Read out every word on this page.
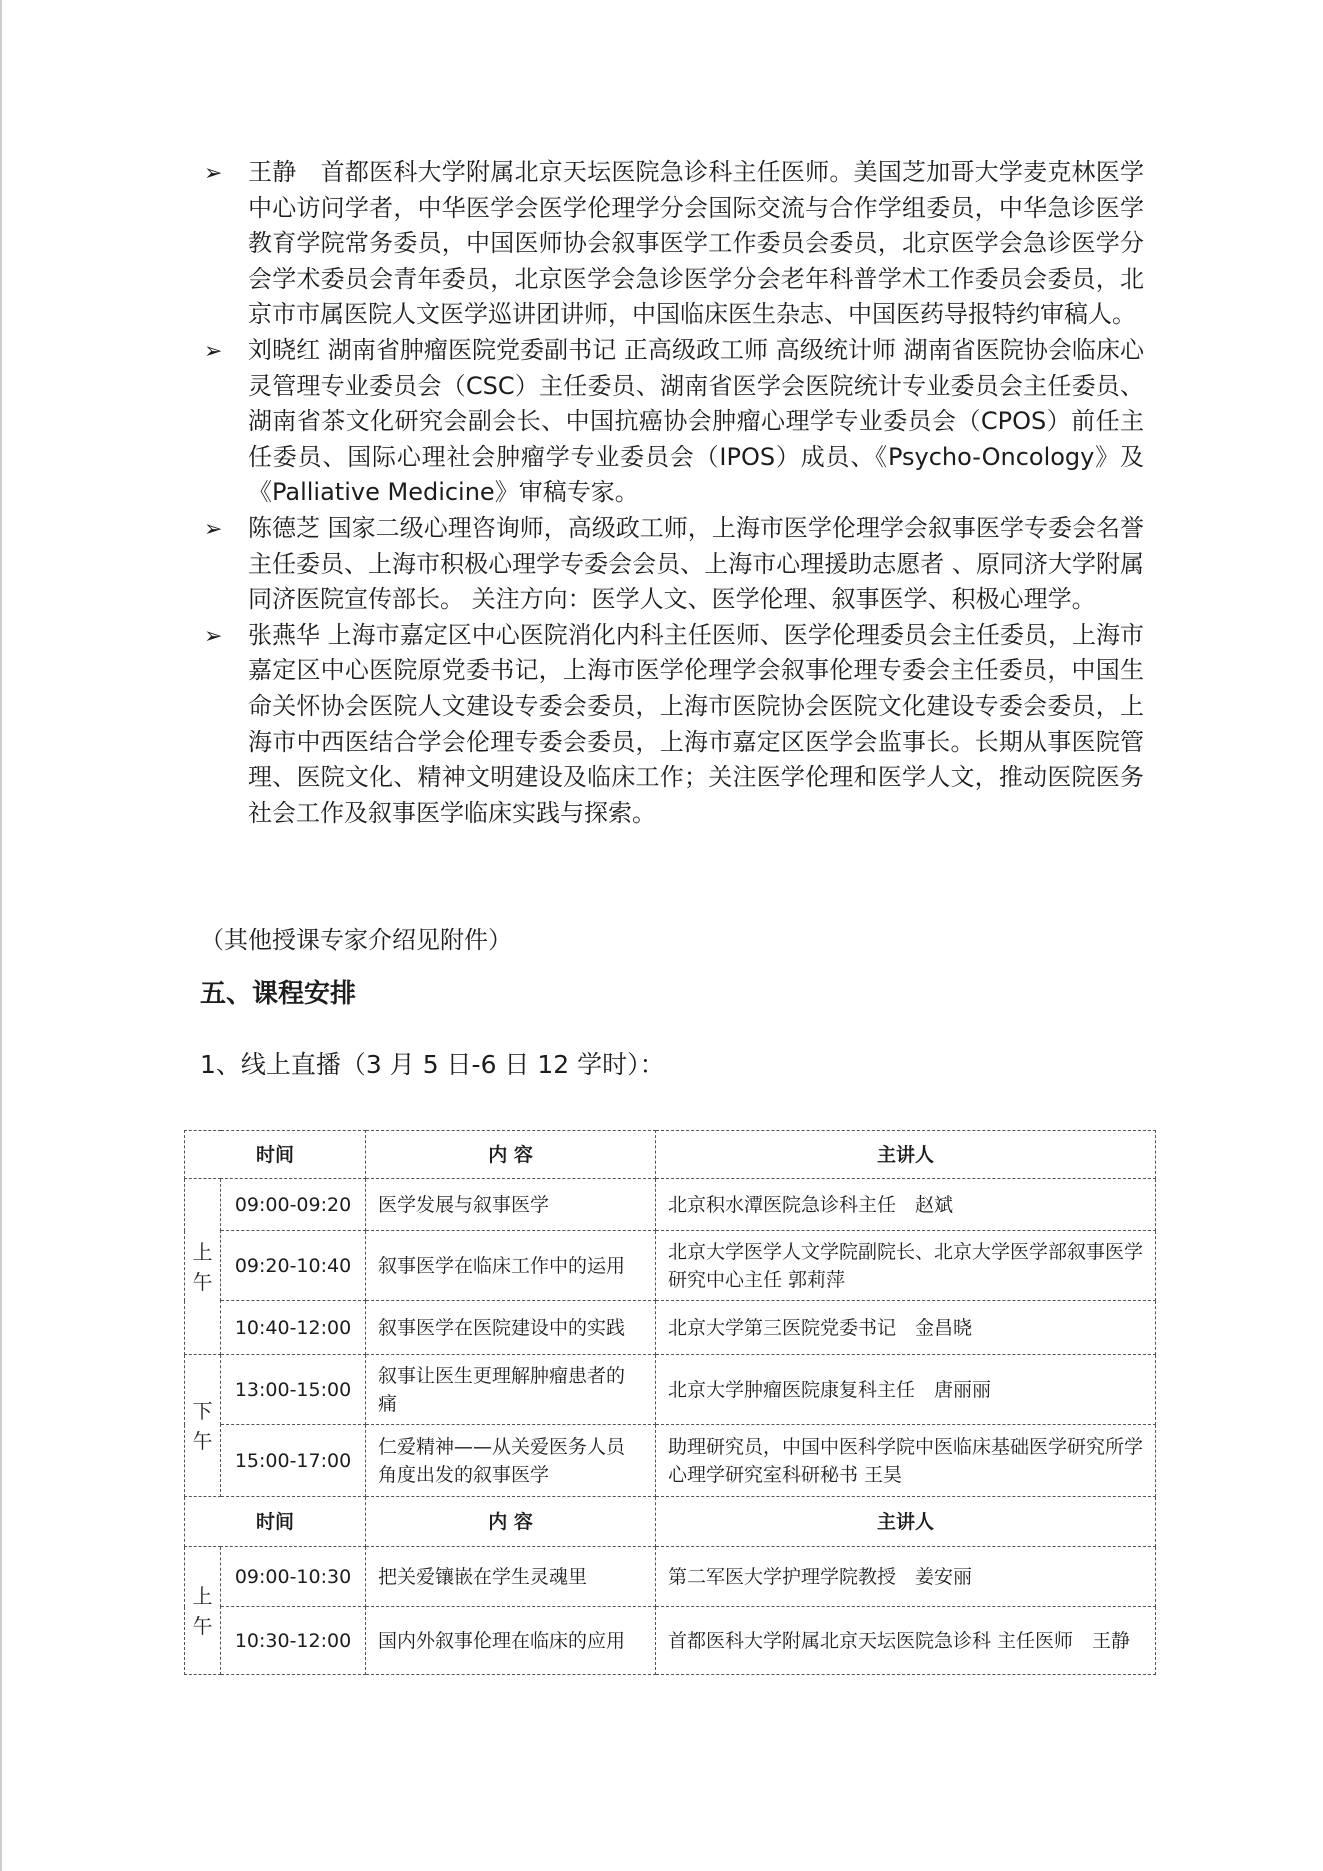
➢ 王静　首都医科大学附属北京天坛医院急诊科主任医师。美国芝加哥大学麦克林医学中心访问学者，中华医学会医学伦理学分会国际交流与合作学组委员，中华急诊医学教育学院常务委员，中国医师协会叙事医学工作委员会委员，北京医学会急诊医学分会学术委员会青年委员，北京医学会急诊医学分会老年科普学术工作委员会委员，北京市市属医院人文医学巡讲团讲师，中国临床医生杂志、中国医药导报特约审稿人。
➢ 刘晓红 湖南省肿瘤医院党委副书记 正高级政工师 高级统计师 湖南省医院协会临床心灵管理专业委员会（CSC）主任委员、湖南省医学会医院统计专业委员会主任委员、湖南省茶文化研究会副会长、中国抗癌协会肿瘤心理学专业委员会（CPOS）前任主任委员、国际心理社会肿瘤学专业委员会（IPOS）成员、《Psycho-Oncology》及《Palliative Medicine》审稿专家。
➢ 陈德芝 国家二级心理咨询师，高级政工师，上海市医学伦理学会叙事医学专委会名誉主任委员、上海市积极心理学专委会会员、上海市心理援助志愿者 、原同济大学附属同济医院宣传部长。 关注方向：医学人文、医学伦理、叙事医学、积极心理学。
➢ 张燕华 上海市嘉定区中心医院消化内科主任医师、医学伦理委员会主任委员，上海市嘉定区中心医院原党委书记，上海市医学伦理学会叙事伦理专委会主任委员，中国生命关怀协会医院人文建设专委会委员，上海市医院协会医院文化建设专委会委员，上海市中西医结合学会伦理专委会委员，上海市嘉定区医学会监事长。长期从事医院管理、医院文化、精神文明建设及临床工作；关注医学伦理和医学人文，推动医院医务社会工作及叙事医学临床实践与探索。
（其他授课专家介绍见附件）
五、课程安排
1、线上直播（3 月 5 日-6 日 12 学时）：
时间		内 容	主讲人
上午	09:00-09:20	医学发展与叙事医学	北京积水潭医院急诊科主任　赵斌
	09:20-10:40	叙事医学在临床工作中的运用	北京大学医学人文学院副院长、北京大学医学部叙事医学研究中心主任 郭莉萍
	10:40-12:00	叙事医学在医院建设中的实践	北京大学第三医院党委书记　金昌晓
下午	13:00-15:00	叙事让医生更理解肿瘤患者的痛	北京大学肿瘤医院康复科主任　唐丽丽
	15:00-17:00	仁爱精神——从关爱医务人员角度出发的叙事医学	助理研究员，中国中医科学院中医临床基础医学研究所学心理学研究室科研秘书 王昊
时间		内 容	主讲人
上午	09:00-10:30	把关爱镶嵌在学生灵魂里	第二军医大学护理学院教授　姜安丽
	10:30-12:00	国内外叙事伦理在临床的应用	首都医科大学附属北京天坛医院急诊科 主任医师　王静
